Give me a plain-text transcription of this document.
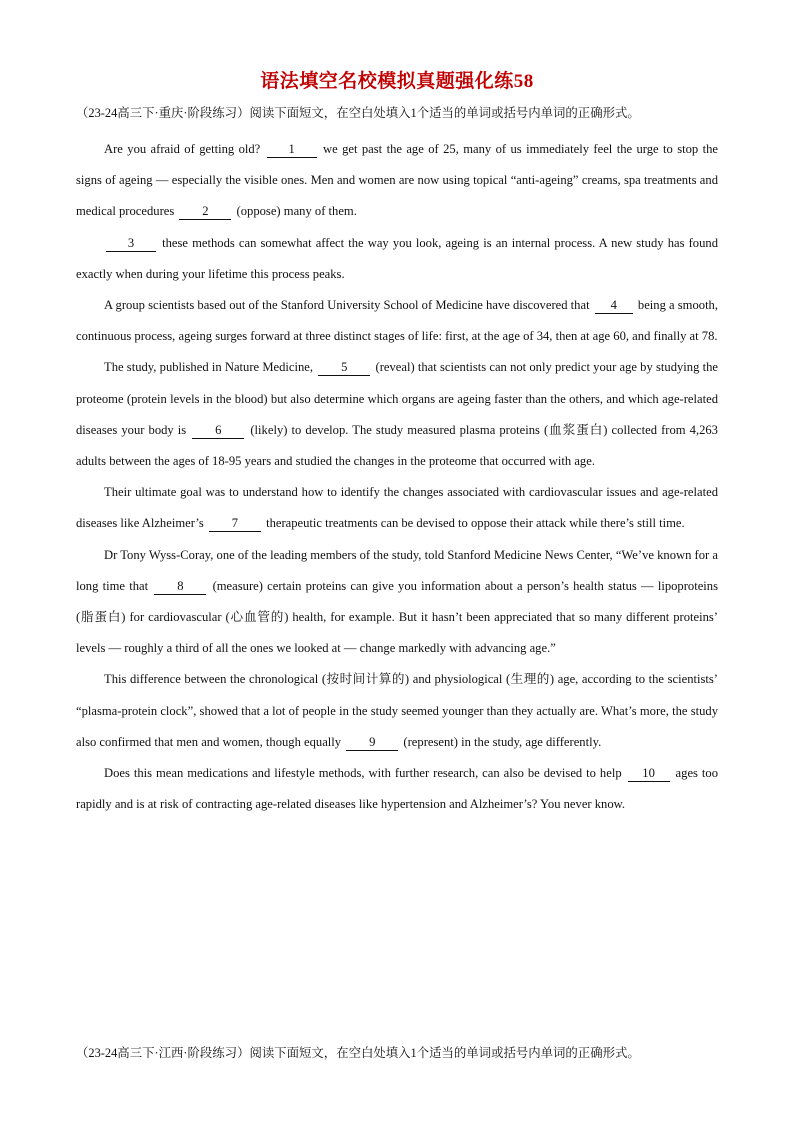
语法填空名校模拟真题强化练58

（23-24高三下·重庆·阶段练习）阅读下面短文，在空白处填入1个适当的单词或括号内单词的正确形式。

Are you afraid of getting old? 1 we get past the age of 25, many of us immediately feel the urge to stop the signs of ageing — especially the visible ones. Men and women are now using topical “anti-ageing” creams, spa treatments and medical procedures 2 (oppose) many of them.

3 these methods can somewhat affect the way you look, ageing is an internal process. A new study has found exactly when during your lifetime this process peaks.

A group scientists based out of the Stanford University School of Medicine have discovered that 4 being a smooth, continuous process, ageing surges forward at three distinct stages of life: first, at the age of 34, then at age 60, and finally at 78.

The study, published in Nature Medicine, 5 (reveal) that scientists can not only predict your age by studying the proteome (protein levels in the blood) but also determine which organs are ageing faster than the others, and which age-related diseases your body is 6 (likely) to develop. The study measured plasma proteins (血浆蛋白) collected from 4,263 adults between the ages of 18-95 years and studied the changes in the proteome that occurred with age.

Their ultimate goal was to understand how to identify the changes associated with cardiovascular issues and age-related diseases like Alzheimer’s 7 therapeutic treatments can be devised to oppose their attack while there’s still time.

Dr Tony Wyss-Coray, one of the leading members of the study, told Stanford Medicine News Center, “We’ve known for a long time that 8 (measure) certain proteins can give you information about a person’s health status — lipoproteins (脂蛋白) for cardiovascular (心血管的) health, for example. But it hasn’t been appreciated that so many different proteins’ levels — roughly a third of all the ones we looked at — change markedly with advancing age.”

This difference between the chronological (按时间计算的) and physiological (生理的) age, according to the scientists’ “plasma-protein clock”, showed that a lot of people in the study seemed younger than they actually are. What’s more, the study also confirmed that men and women, though equally 9 (represent) in the study, age differently.

Does this mean medications and lifestyle methods, with further research, can also be devised to help 10 ages too rapidly and is at risk of contracting age-related diseases like hypertension and Alzheimer’s? You never know.

（23-24高三下·江西·阶段练习）阅读下面短文，在空白处填入1个适当的单词或括号内单词的正确形式。
